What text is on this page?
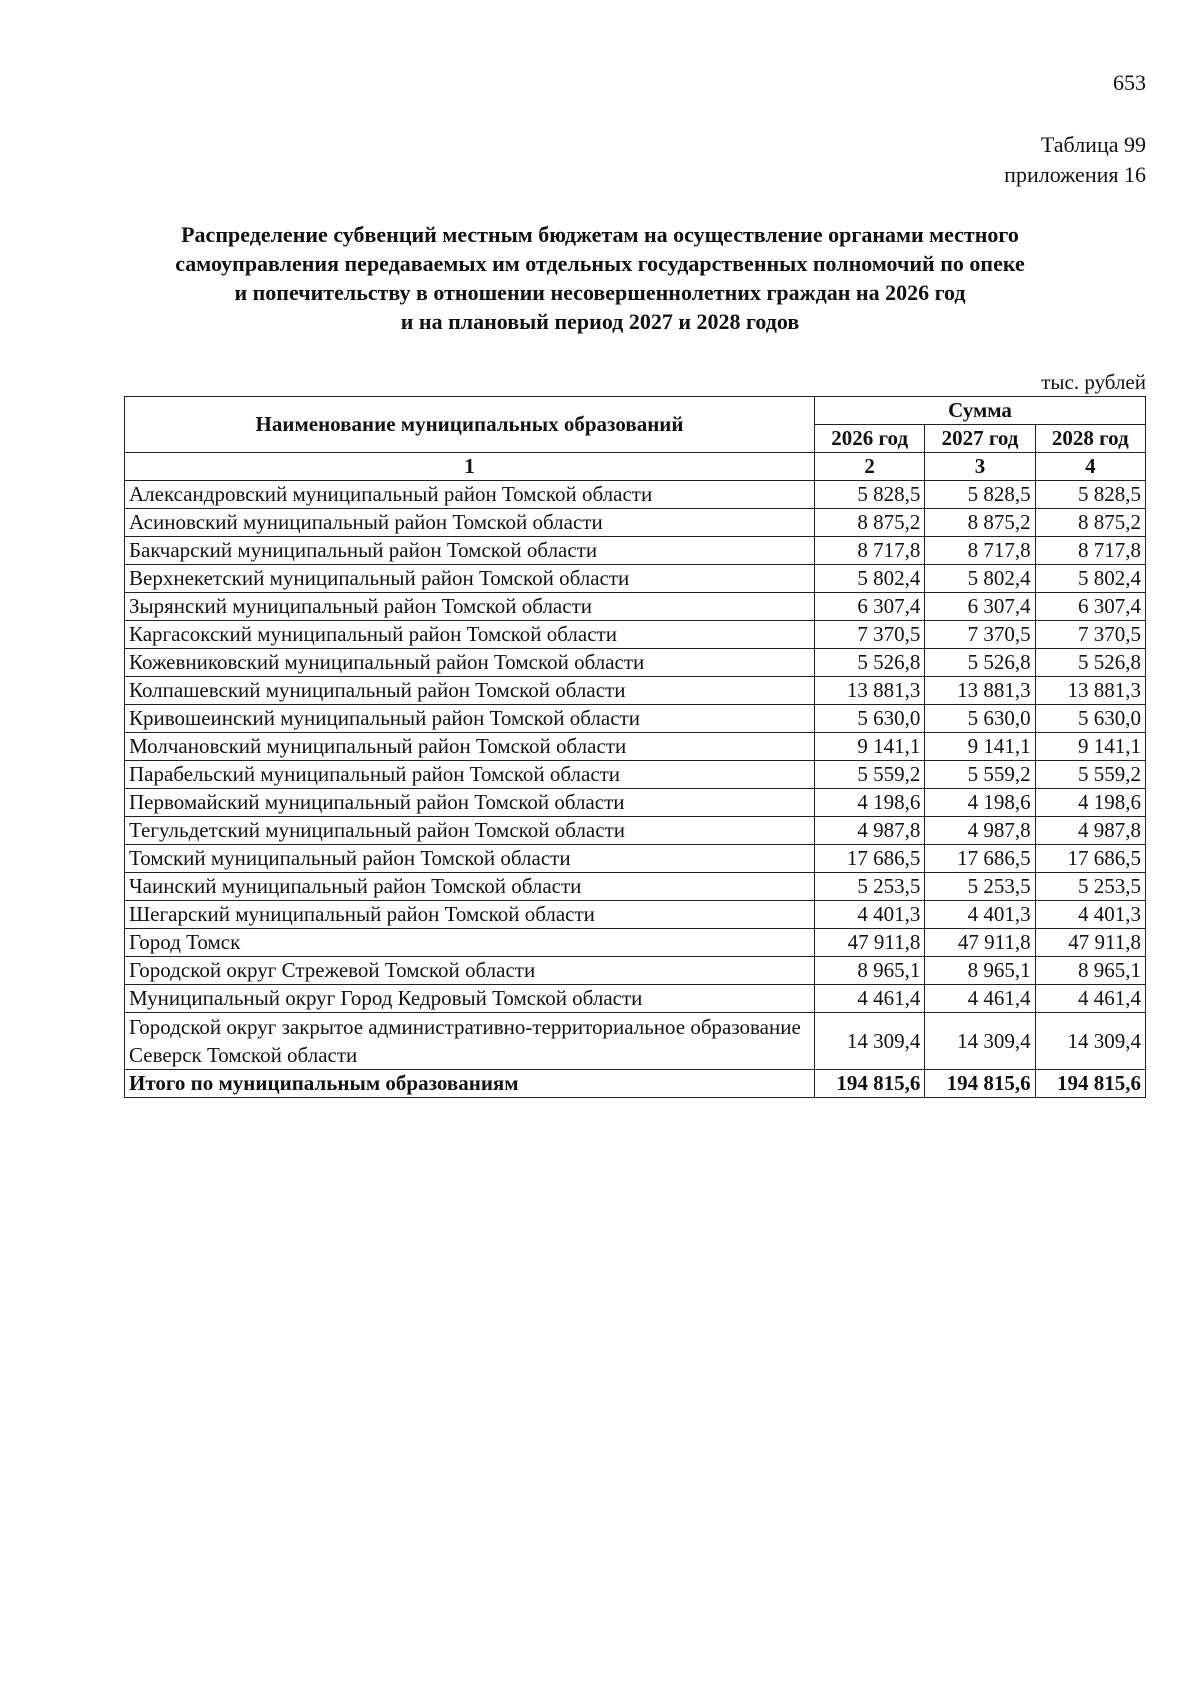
653
Таблица 99
приложения 16
Распределение субвенций местным бюджетам на осуществление органами местного
самоуправления передаваемых им отдельных государственных полномочий по опеке
и попечительству в отношении несовершеннолетних граждан на 2026 год
и на плановый период 2027 и 2028 годов
тыс. рублей
Наименование муниципальных образований	Сумма		
	2026 год	2027 год	2028 год
1	2	3	4
Александровский муниципальный район Томской области	5 828,5	5 828,5	5 828,5
Асиновский муниципальный район Томской области	8 875,2	8 875,2	8 875,2
Бакчарский муниципальный район Томской области	8 717,8	8 717,8	8 717,8
Верхнекетский муниципальный район Томской области	5 802,4	5 802,4	5 802,4
Зырянский муниципальный район Томской области	6 307,4	6 307,4	6 307,4
Каргасокский муниципальный район Томской области	7 370,5	7 370,5	7 370,5
Кожевниковский муниципальный район Томской области	5 526,8	5 526,8	5 526,8
Колпашевский муниципальный район Томской области	13 881,3	13 881,3	13 881,3
Кривошеинский муниципальный район Томской области	5 630,0	5 630,0	5 630,0
Молчановский муниципальный район Томской области	9 141,1	9 141,1	9 141,1
Парабельский муниципальный район Томской области	5 559,2	5 559,2	5 559,2
Первомайский муниципальный район Томской области	4 198,6	4 198,6	4 198,6
Тегульдетский муниципальный район Томской области	4 987,8	4 987,8	4 987,8
Томский муниципальный район Томской области	17 686,5	17 686,5	17 686,5
Чаинский муниципальный район Томской области	5 253,5	5 253,5	5 253,5
Шегарский муниципальный район Томской области	4 401,3	4 401,3	4 401,3
Город Томск	47 911,8	47 911,8	47 911,8
Городской округ Стрежевой Томской области	8 965,1	8 965,1	8 965,1
Муниципальный округ Город Кедровый Томской области	4 461,4	4 461,4	4 461,4
Городской округ закрытое административно-территориальное образование Северск Томской области	14 309,4	14 309,4	14 309,4
Итого по муниципальным образованиям	194 815,6	194 815,6	194 815,6
